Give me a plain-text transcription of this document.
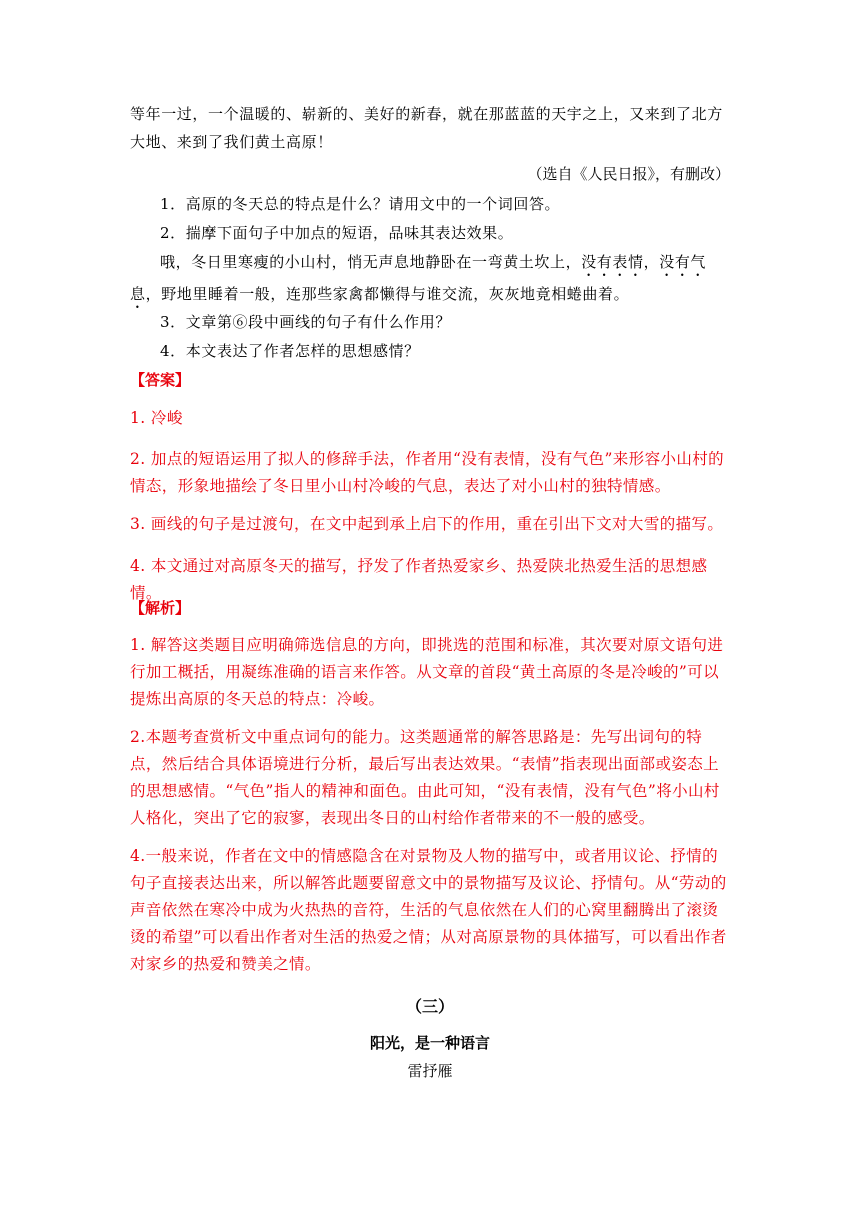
等年一过，一个温暖的、崭新的、美好的新春，就在那蓝蓝的天宇之上，又来到了北方大地、来到了我们黄土高原！

（选自《人民日报》，有删改）

1．高原的冬天总的特点是什么？请用文中的一个词回答。

2．揣摩下面句子中加点的短语，品味其表达效果。

哦，冬日里寒瘦的小山村，悄无声息地静卧在一弯黄土坎上，没有表情，没有气息，野地里睡着一般，连那些家禽都懒得与谁交流，灰灰地竟相蜷曲着。

3．文章第⑥段中画线的句子有什么作用？

4．本文表达了作者怎样的思想感情？

【答案】

1. 冷峻

2. 加点的短语运用了拟人的修辞手法，作者用“没有表情，没有气色”来形容小山村的情态，形象地描绘了冬日里小山村冷峻的气息，表达了对小山村的独特情感。

3. 画线的句子是过渡句，在文中起到承上启下的作用，重在引出下文对大雪的描写。

4. 本文通过对高原冬天的描写，抒发了作者热爱家乡、热爱陕北热爱生活的思想感情。

【解析】

1. 解答这类题目应明确筛选信息的方向，即挑选的范围和标准，其次要对原文语句进行加工概括，用凝练准确的语言来作答。从文章的首段“黄土高原的冬是冷峻的”可以提炼出高原的冬天总的特点：冷峻。

2.本题考查赏析文中重点词句的能力。这类题通常的解答思路是：先写出词句的特点，然后结合具体语境进行分析，最后写出表达效果。“表情”指表现出面部或姿态上的思想感情。“气色”指人的精神和面色。由此可知，“没有表情，没有气色”将小山村人格化，突出了它的寂寥，表现出冬日的山村给作者带来的不一般的感受。

4.一般来说，作者在文中的情感隐含在对景物及人物的描写中，或者用议论、抒情的句子直接表达出来，所以解答此题要留意文中的景物描写及议论、抒情句。从“劳动的声音依然在寒冷中成为火热热的音符，生活的气息依然在人们的心窝里翻腾出了滚烫烫的希望”可以看出作者对生活的热爱之情；从对高原景物的具体描写，可以看出作者对家乡的热爱和赞美之情。

（三）

阳光，是一种语言

雷抒雁
